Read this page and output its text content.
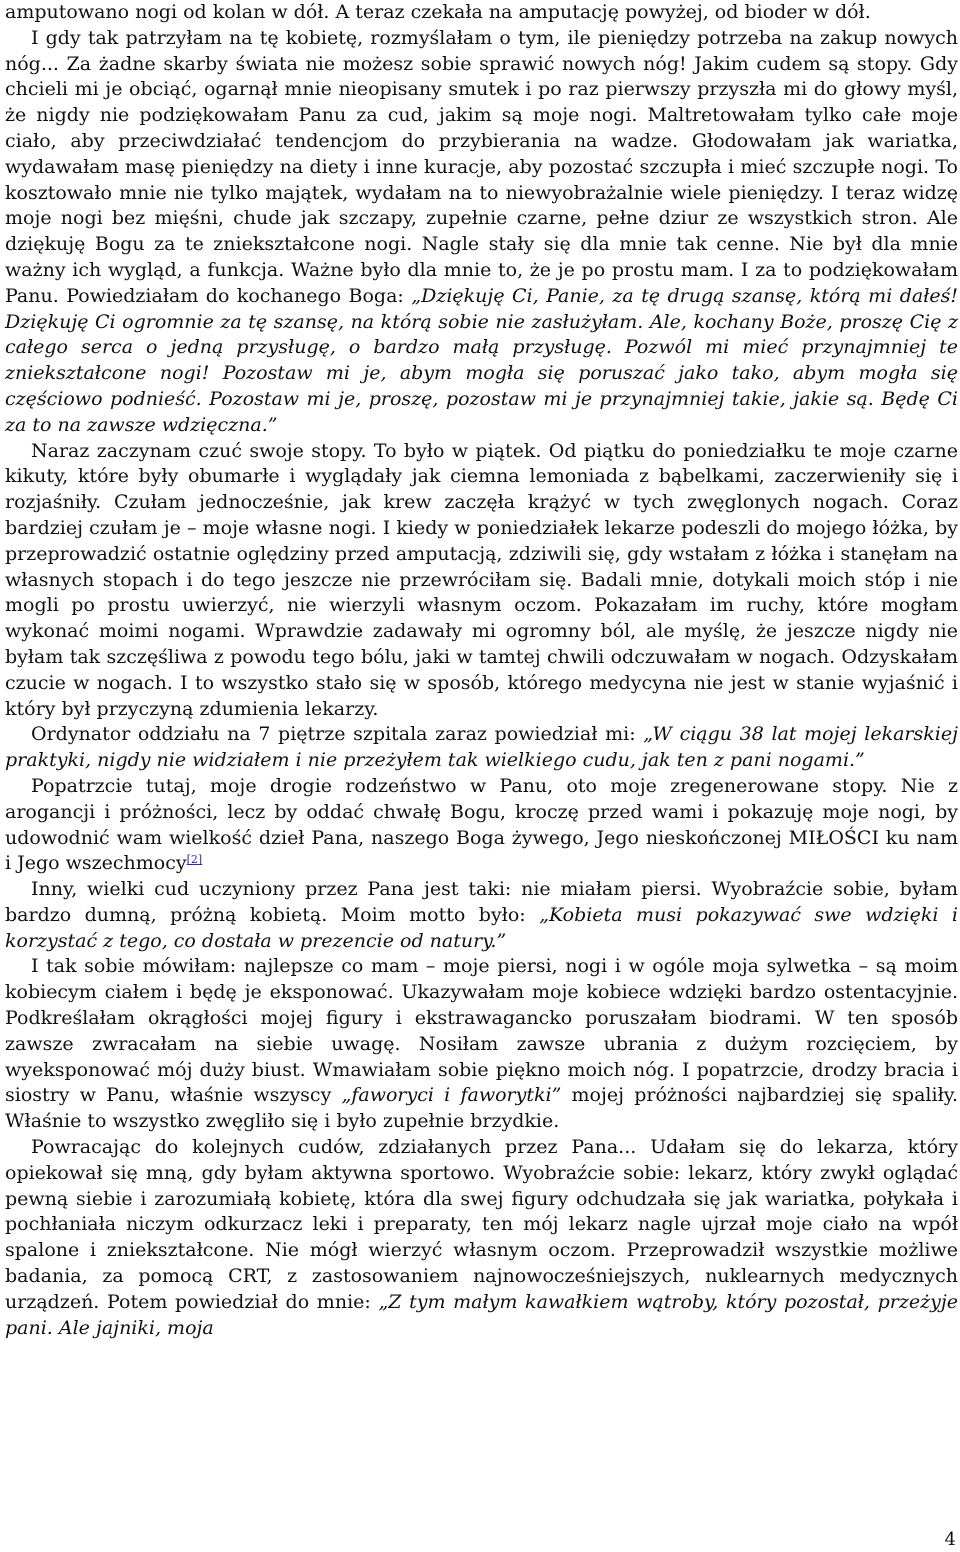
amputowano nogi od kolan w dół. A teraz czekała na amputację powyżej, od bioder w dół.

I gdy tak patrzyłam na tę kobietę, rozmyślałam o tym, ile pieniędzy potrzeba na zakup nowych nóg... Za żadne skarby świata nie możesz sobie sprawić nowych nóg! Jakim cudem są stopy. Gdy chcieli mi je obciąć, ogarnął mnie nieopisany smutek i po raz pierwszy przyszła mi do głowy myśl, że nigdy nie podziękowałam Panu za cud, jakim są moje nogi. Maltretowałam tylko całe moje ciało, aby przeciwdziałać tendencjom do przybierania na wadze. Głodowałam jak wariatka, wydawałam masę pieniędzy na diety i inne kuracje, aby pozostać szczupła i mieć szczupłe nogi. To kosztowało mnie nie tylko majątek, wydałam na to niewyobrażalnie wiele pieniędzy. I teraz widzę moje nogi bez mięśni, chude jak szczapy, zupełnie czarne, pełne dziur ze wszystkich stron. Ale dziękuję Bogu za te zniekształcone nogi. Nagle stały się dla mnie tak cenne. Nie był dla mnie ważny ich wygląd, a funkcja. Ważne było dla mnie to, że je po prostu mam. I za to podziękowałam Panu. Powiedziałam do kochanego Boga: „Dziękuję Ci, Panie, za tę drugą szansę, którą mi dałeś! Dziękuję Ci ogromnie za tę szansę, na którą sobie nie zasłużyłam. Ale, kochany Boże, proszę Cię z całego serca o jedną przysługę, o bardzo małą przysługę. Pozwól mi mieć przynajmniej te zniekształcone nogi! Pozostaw mi je, abym mogła się poruszać jako tako, abym mogła się częściowo podnieść. Pozostaw mi je, proszę, pozostaw mi je przynajmniej takie, jakie są. Będę Ci za to na zawsze wdzięczna.”

Naraz zaczynam czuć swoje stopy. To było w piątek. Od piątku do poniedziałku te moje czarne kikuty, które były obumarłe i wyglądały jak ciemna lemoniada z bąbelkami, zaczerwieniły się i rozjaśniły. Czułam jednocześnie, jak krew zaczęła krążyć w tych zwęglonych nogach. Coraz bardziej czułam je – moje własne nogi. I kiedy w poniedziałek lekarze podeszli do mojego łóżka, by przeprowadzić ostatnie oględziny przed amputacją, zdziwili się, gdy wstałam z łóżka i stanęłam na własnych stopach i do tego jeszcze nie przewróciłam się. Badali mnie, dotykali moich stóp i nie mogli po prostu uwierzyć, nie wierzyli własnym oczom. Pokazałam im ruchy, które mogłam wykonać moimi nogami. Wprawdzie zadawały mi ogromny ból, ale myślę, że jeszcze nigdy nie byłam tak szczęśliwa z powodu tego bólu, jaki w tamtej chwili odczuwałam w nogach. Odzyskałam czucie w nogach. I to wszystko stało się w sposób, którego medycyna nie jest w stanie wyjaśnić i który był przyczyną zdumienia lekarzy.

Ordynator oddziału na 7 piętrze szpitala zaraz powiedział mi: „W ciągu 38 lat mojej lekarskiej praktyki, nigdy nie widziałem i nie przeżyłem tak wielkiego cudu, jak ten z pani nogami.”

Popatrzcie tutaj, moje drogie rodzeństwo w Panu, oto moje zregenerowane stopy. Nie z arogancji i próżności, lecz by oddać chwałę Bogu, kroczę przed wami i pokazuję moje nogi, by udowodnić wam wielkość dzieł Pana, naszego Boga żywego, Jego nieskończonej MIŁOŚCI ku nam i Jego wszechmocy[2]

Inny, wielki cud uczyniony przez Pana jest taki: nie miałam piersi. Wyobraźcie sobie, byłam bardzo dumną, próżną kobietą. Moim motto było: „Kobieta musi pokazywać swe wdzięki i korzystać z tego, co dostała w prezencie od natury.”

I tak sobie mówiłam: najlepsze co mam – moje piersi, nogi i w ogóle moja sylwetka – są moim kobiecym ciałem i będę je eksponować. Ukazywałam moje kobiece wdzięki bardzo ostentacyjnie. Podkreślałam okrągłości mojej figury i ekstrawagancko poruszałam biodrami. W ten sposób zawsze zwracałam na siebie uwagę. Nosiłam zawsze ubrania z dużym rozcięciem, by wyeksponować mój duży biust. Wmawiałam sobie piękno moich nóg. I popatrzcie, drodzy bracia i siostry w Panu, właśnie wszyscy „faworyci i faworytki” mojej próżności najbardziej się spaliły. Właśnie to wszystko zwęgliło się i było zupełnie brzydkie.

Powracając do kolejnych cudów, zdziałanych przez Pana... Udałam się do lekarza, który opiekował się mną, gdy byłam aktywna sportowo. Wyobraźcie sobie: lekarz, który zwykł oglądać pewną siebie i zarozumiałą kobietę, która dla swej figury odchudzała się jak wariatka, połykała i pochłaniała niczym odkurzacz leki i preparaty, ten mój lekarz nagle ujrzał moje ciało na wpół spalone i zniekształcone. Nie mógł wierzyć własnym oczom. Przeprowadził wszystkie możliwe badania, za pomocą CRT, z zastosowaniem najnowocześniejszych, nuklearnych medycznych urządzeń. Potem powiedział do mnie: „Z tym małym kawałkiem wątroby, który pozostał, przeżyje pani. Ale jajniki, moja

4
